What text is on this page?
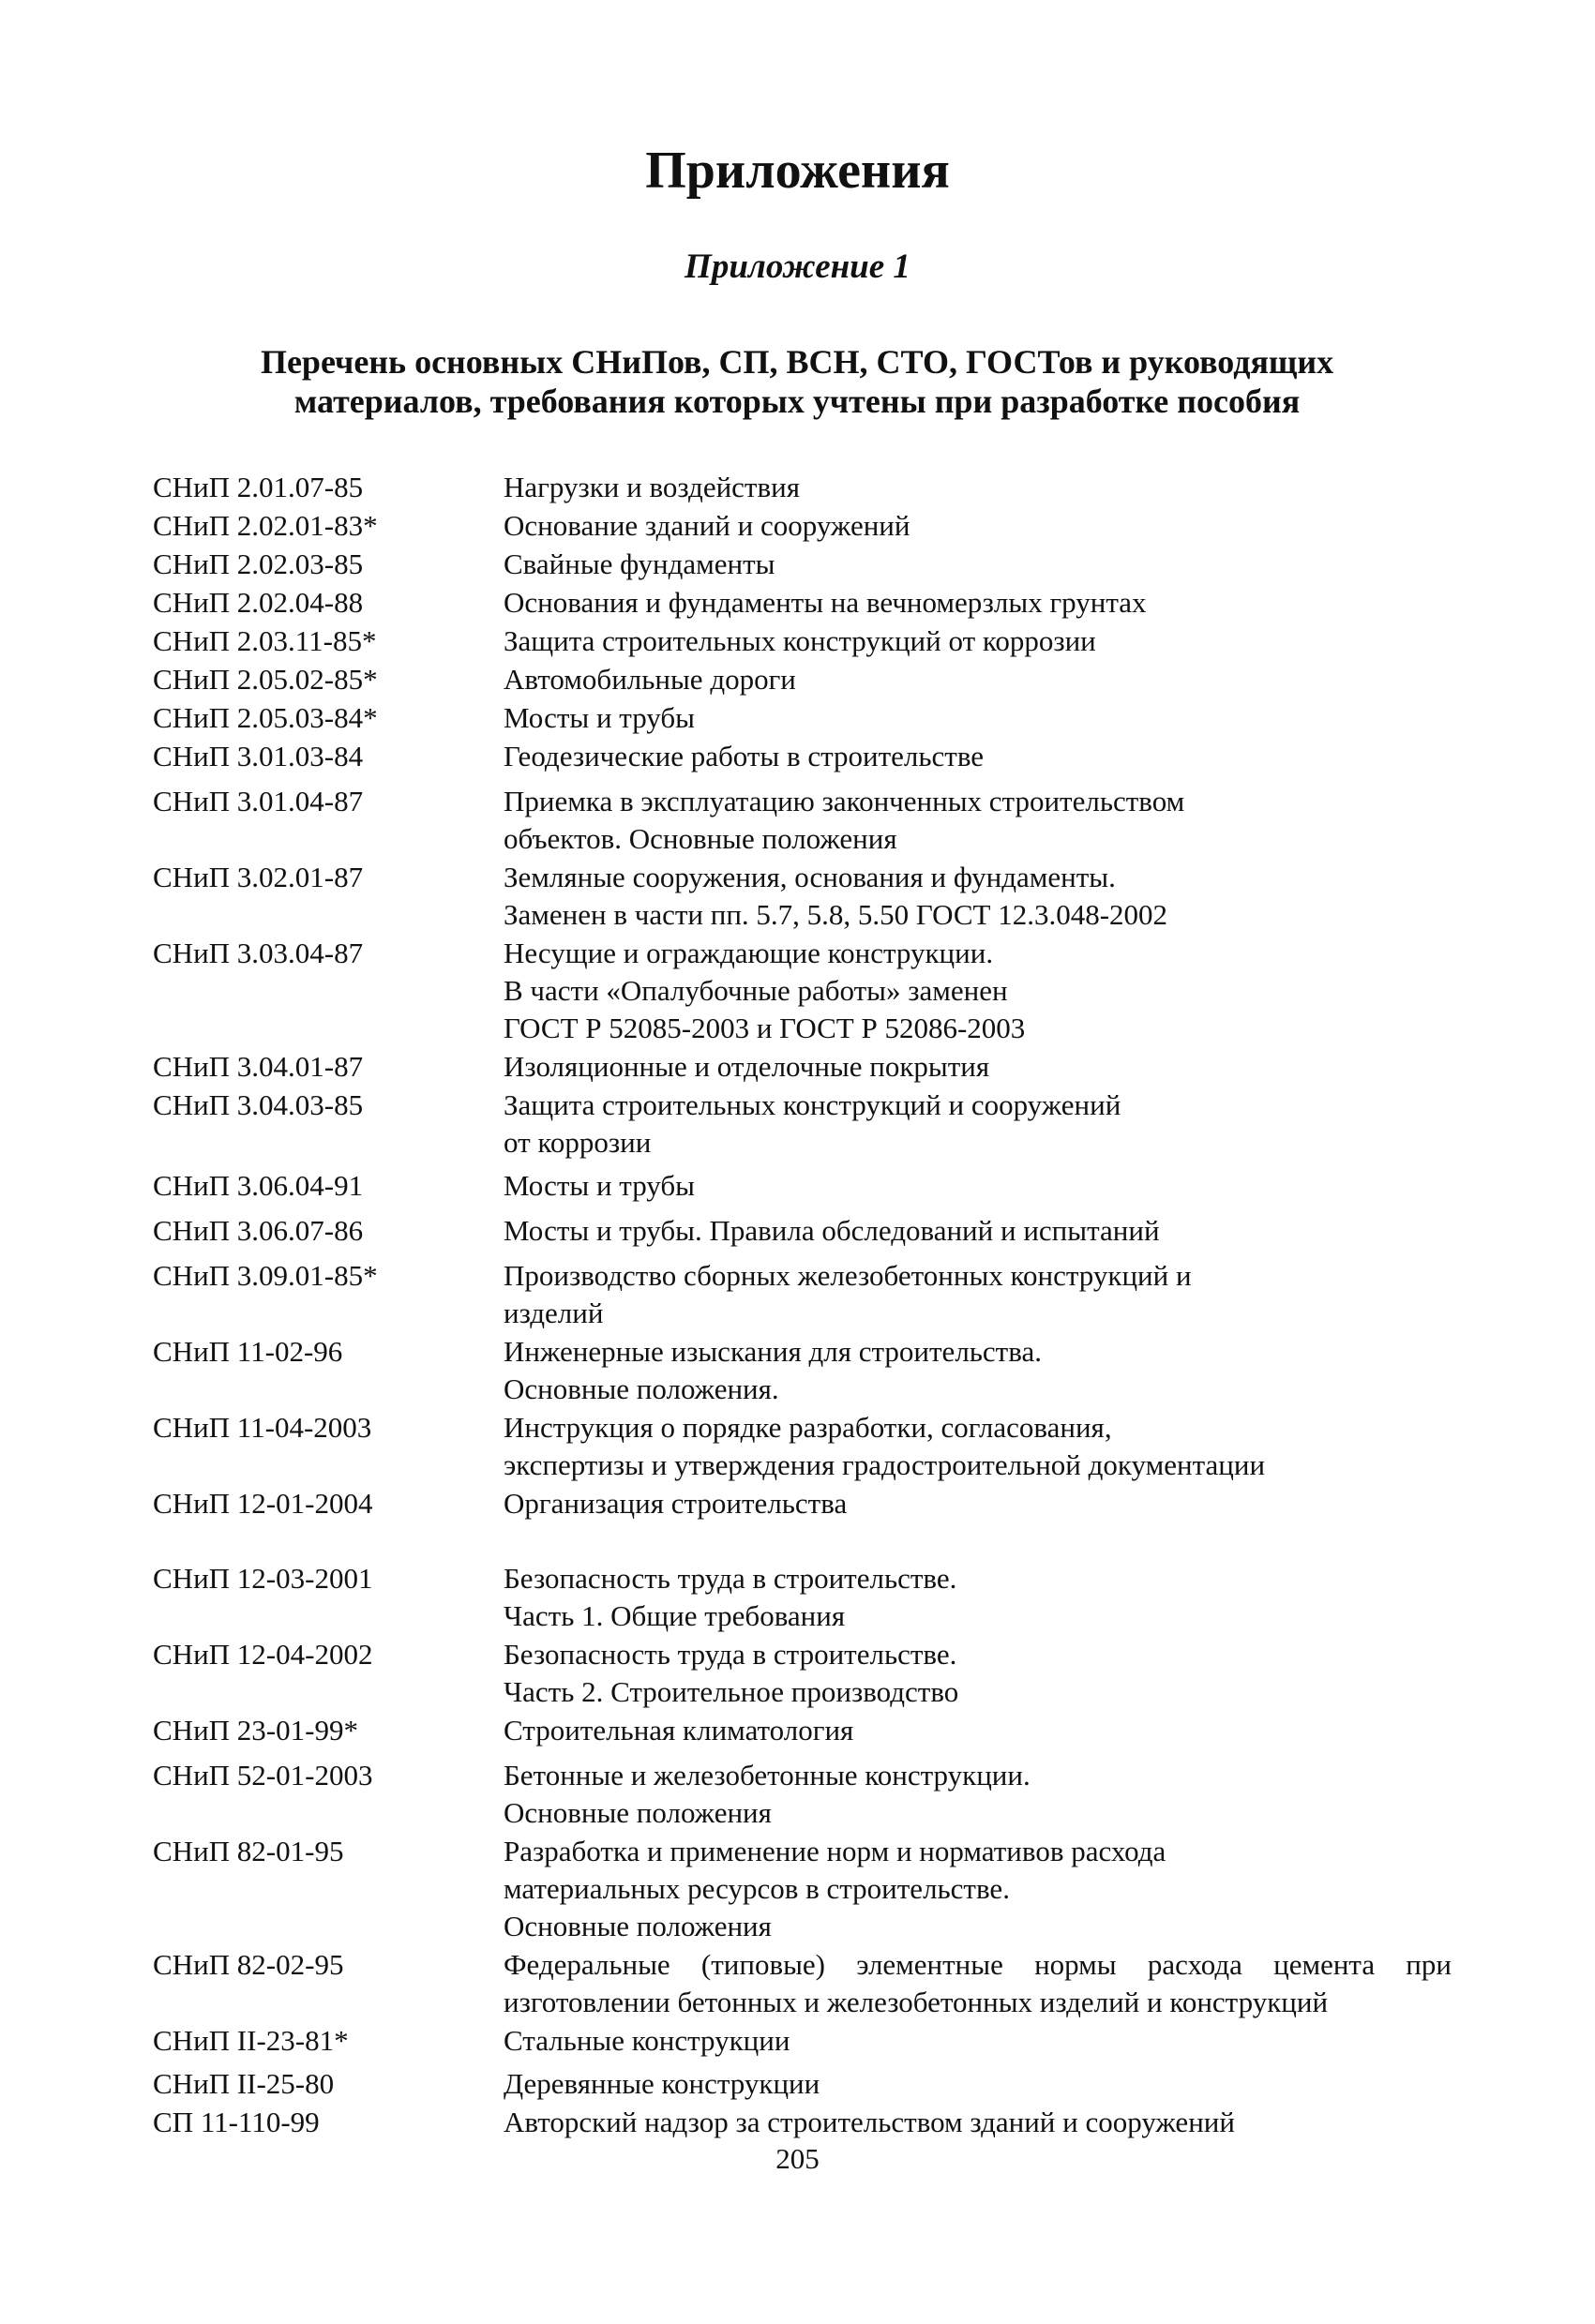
Приложения
Приложение 1
Перечень основных СНиПов, СП, ВСН, СТО, ГОСТов и руководящих
материалов, требования которых учтены при разработке пособия
СНиП 2.01.07-85	Нагрузки и воздействия
СНиП 2.02.01-83*	Основание зданий и сооружений
СНиП 2.02.03-85	Свайные фундаменты
СНиП 2.02.04-88	Основания и фундаменты на вечномерзлых грунтах
СНиП 2.03.11-85*	Защита строительных конструкций от коррозии
СНиП 2.05.02-85*	Автомобильные дороги
СНиП 2.05.03-84*	Мосты и трубы
СНиП 3.01.03-84	Геодезические работы в строительстве
СНиП 3.01.04-87	Приемка в эксплуатацию законченных строительством
объектов. Основные положения
СНиП 3.02.01-87	Земляные сооружения, основания и фундаменты.
Заменен в части пп. 5.7, 5.8, 5.50 ГОСТ 12.3.048-2002
СНиП 3.03.04-87	Несущие и ограждающие конструкции.
В части «Опалубочные работы» заменен
ГОСТ Р 52085-2003 и ГОСТ Р 52086-2003
СНиП 3.04.01-87	Изоляционные и отделочные покрытия
СНиП 3.04.03-85	Защита строительных конструкций и сооружений
от коррозии
СНиП 3.06.04-91	Мосты и трубы
СНиП 3.06.07-86	Мосты и трубы. Правила обследований и испытаний
СНиП 3.09.01-85*	Производство сборных железобетонных конструкций и
изделий
СНиП 11-02-96	Инженерные изыскания для строительства.
Основные положения.
СНиП 11-04-2003	Инструкция о порядке разработки, согласования,
экспертизы и утверждения градостроительной документации
СНиП 12-01-2004	Организация строительства
СНиП 12-03-2001	Безопасность труда в строительстве.
Часть 1. Общие требования
СНиП 12-04-2002	Безопасность труда в строительстве.
Часть 2. Строительное производство
СНиП 23-01-99*	Строительная климатология
СНиП 52-01-2003	Бетонные и железобетонные конструкции.
Основные положения
СНиП 82-01-95	Разработка и применение норм и нормативов расхода
материальных ресурсов в строительстве.
Основные положения
СНиП 82-02-95	Федеральные (типовые) элементные нормы расхода цемента при
изготовлении бетонных и железобетонных изделий и конструкций
СНиП II-23-81*	Стальные конструкции
СНиП II-25-80	Деревянные конструкции
СП 11-110-99	Авторский надзор за строительством зданий и сооружений
205
